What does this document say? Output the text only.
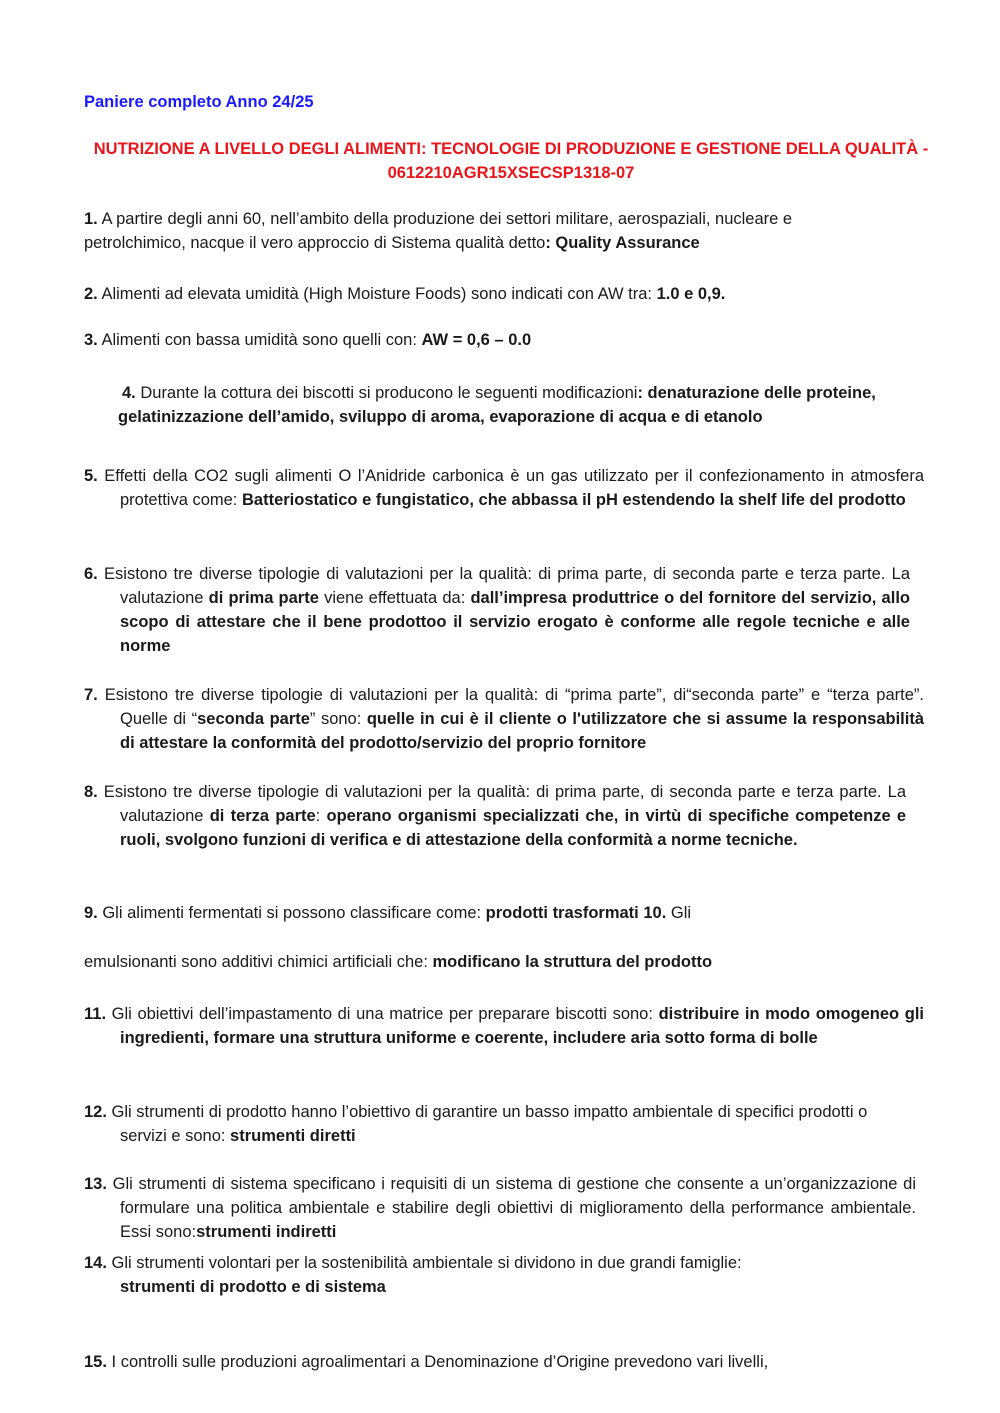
Paniere completo Anno 24/25
NUTRIZIONE A LIVELLO DEGLI ALIMENTI: TECNOLOGIE DI PRODUZIONE E GESTIONE DELLA QUALITÀ -
0612210AGR15XSECSP1318-07
1. A partire degli anni 60, nell’ambito della produzione dei settori militare, aerospaziali, nucleare e petrolchimico, nacque il vero approccio di Sistema qualità detto: Quality Assurance
2. Alimenti ad elevata umidità (High Moisture Foods) sono indicati con AW tra: 1.0 e 0,9.
3. Alimenti con bassa umidità sono quelli con: AW = 0,6 – 0.0
4. Durante la cottura dei biscotti si producono le seguenti modificazioni: denaturazione delle proteine, gelatinizzazione dell’amido, sviluppo di aroma, evaporazione di acqua e di etanolo
5. Effetti della CO2 sugli alimenti O l’Anidride carbonica è un gas utilizzato per il confezionamento in atmosfera protettiva come: Batteriostatico e fungistatico, che abbassa il pH estendendo la shelf life del prodotto
6. Esistono tre diverse tipologie di valutazioni per la qualità: di prima parte, di seconda parte e terza parte. La valutazione di prima parte viene effettuata da: dall’impresa produttrice o del fornitore del servizio, allo scopo di attestare che il bene prodottoo il servizio erogato è conforme alle regole tecniche e alle norme
7. Esistono tre diverse tipologie di valutazioni per la qualità: di “prima parte”, di“seconda parte” e “terza parte”. Quelle di “seconda parte” sono: quelle in cui è il cliente o l'utilizzatore che si assume la responsabilità di attestare la conformità del prodotto/servizio del proprio fornitore
8. Esistono tre diverse tipologie di valutazioni per la qualità: di prima parte, di seconda parte e terza parte. La valutazione di terza parte: operano organismi specializzati che, in virtù di specifiche competenze e ruoli, svolgono funzioni di verifica e di attestazione della conformità a norme tecniche.
9. Gli alimenti fermentati si possono classificare come: prodotti trasformati 10. Gli
emulsionanti sono additivi chimici artificiali che: modificano la struttura del prodotto
11. Gli obiettivi dell’impastamento di una matrice per preparare biscotti sono: distribuire in modo omogeneo gli ingredienti, formare una struttura uniforme e coerente, includere aria sotto forma di bolle
12. Gli strumenti di prodotto hanno l’obiettivo di garantire un basso impatto ambientale di specifici prodotti o servizi e sono: strumenti diretti
13. Gli strumenti di sistema specificano i requisiti di un sistema di gestione che consente a un’organizzazione di formulare una politica ambientale e stabilire degli obiettivi di miglioramento della performance ambientale. Essi sono:strumenti indiretti
14. Gli strumenti volontari per la sostenibilità ambientale si dividono in due grandi famiglie:
strumenti di prodotto e di sistema
15. I controlli sulle produzioni agroalimentari a Denominazione d’Origine prevedono vari livelli,
